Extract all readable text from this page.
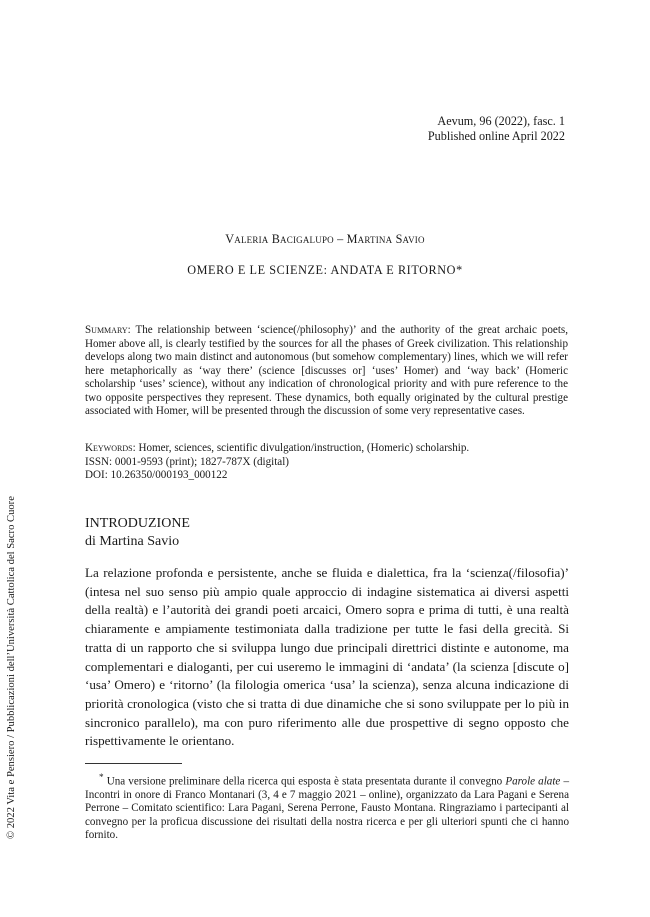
Aevum, 96 (2022), fasc. 1
Published online April 2022
Valeria Bacigalupo – Martina Savio
OMERO E LE SCIENZE: ANDATA E RITORNO*
Summary: The relationship between ‘science(/philosophy)’ and the authority of the great archaic poets, Homer above all, is clearly testified by the sources for all the phases of Greek civilization. This relationship develops along two main distinct and autonomous (but somehow complementary) lines, which we will refer here metaphorically as ‘way there’ (science [discusses or] ‘uses’ Homer) and ‘way back’ (Homeric scholarship ‘uses’ science), without any indication of chronological priority and with pure reference to the two opposite perspectives they represent. These dynamics, both equally originated by the cultural prestige associated with Homer, will be presented through the discussion of some very representative cases.
Keywords: Homer, sciences, scientific divulgation/instruction, (Homeric) scholarship.
ISSN: 0001-9593 (print); 1827-787X (digital)
DOI: 10.26350/000193_000122
INTRODUZIONE
di Martina Savio
La relazione profonda e persistente, anche se fluida e dialettica, fra la ‘scienza(/filosofia)’ (intesa nel suo senso più ampio quale approccio di indagine sistematica ai diversi aspetti della realtà) e l’autorità dei grandi poeti arcaici, Omero sopra e prima di tutti, è una realtà chiaramente e ampiamente testimoniata dalla tradizione per tutte le fasi della grecità. Si tratta di un rapporto che si sviluppa lungo due principali direttrici distinte e autonome, ma complementari e dialoganti, per cui useremo le immagini di ‘andata’ (la scienza [discute o] ‘usa’ Omero) e ‘ritorno’ (la filologia omerica ‘usa’ la scienza), senza alcuna indicazione di priorità cronologica (visto che si tratta di due dinamiche che si sono sviluppate per lo più in sincronico parallelo), ma con puro riferimento alle due prospettive di segno opposto che rispettivamente le orientano.
* Una versione preliminare della ricerca qui esposta è stata presentata durante il convegno Parole alate – Incontri in onore di Franco Montanari (3, 4 e 7 maggio 2021 – online), organizzato da Lara Pagani e Serena Perrone – Comitato scientifico: Lara Pagani, Serena Perrone, Fausto Montana. Ringraziamo i partecipanti al convegno per la proficua discussione dei risultati della nostra ricerca e per gli ulteriori spunti che ci hanno fornito.
© 2022 Vita e Pensiero / Pubblicazioni dell’Università Cattolica del Sacro Cuore
